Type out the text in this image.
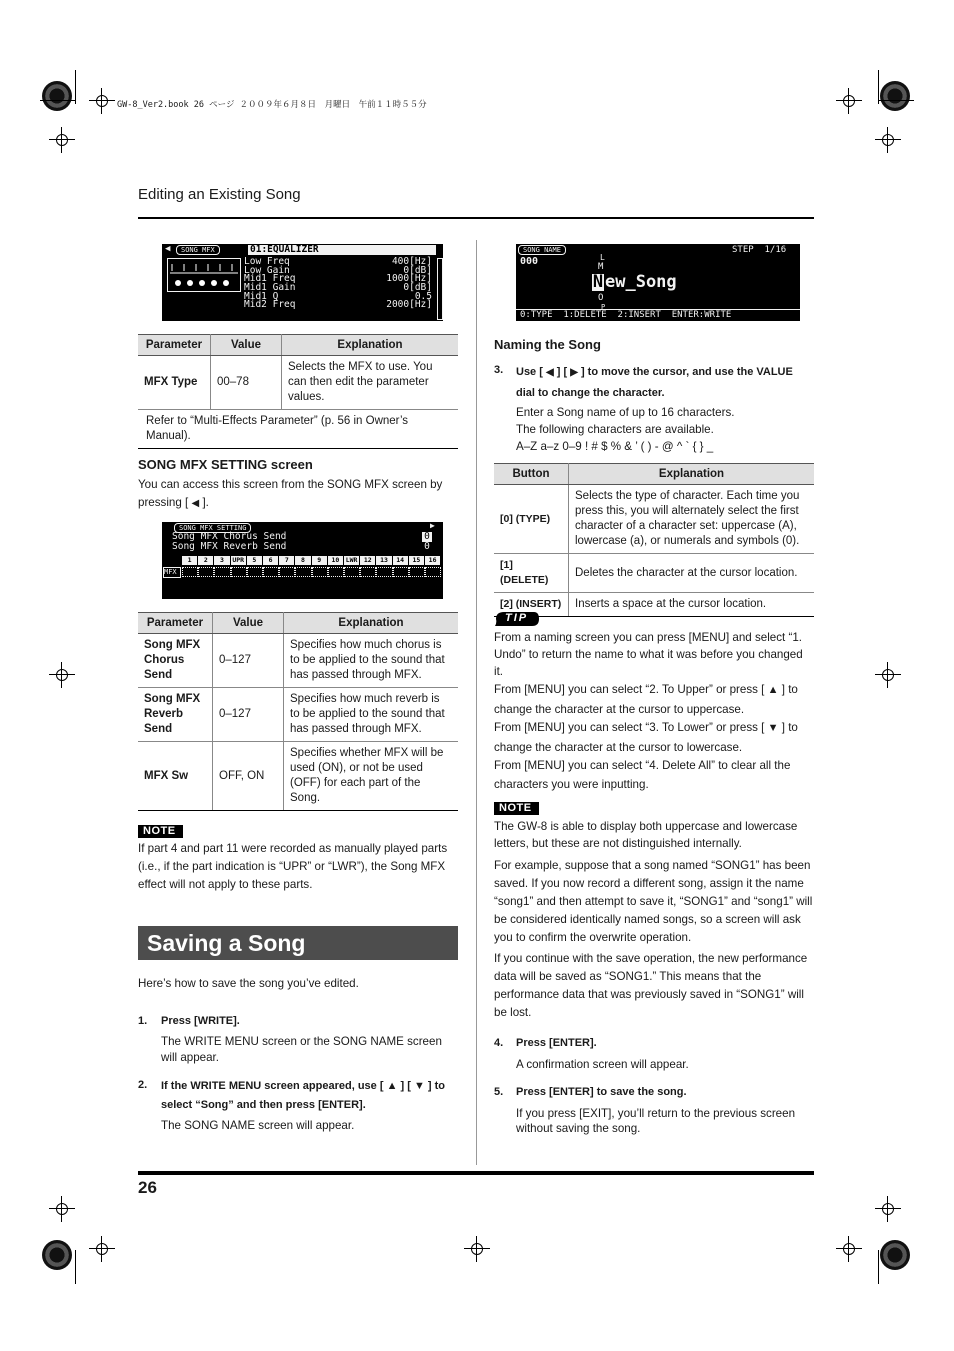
GW-8_Ver2.book 26 ページ ２００９年６月８日　月曜日　午前１１時５５分
Editing an Existing Song
◀	SONG MFX	01:EQUALIZER
Low Freq	400[Hz]
Low Gain	0[dB]
Mid1 Freq	1000[Hz]
Mid1 Gain	0[dB]
Mid1 Q	0.5
Mid2 Freq	2000[Hz]
Parameter	Value	Explanation
MFX Type	00–78	Selects the MFX to use. You can then edit the parameter values.
Refer to “Multi-Effects Parameter” (p. 56 in Owner’s Manual).		
SONG MFX SETTING screen
You can access this screen from the SONG MFX screen by pressing [ ◀ ].
SONG MFX SETTING	▶
Song MFX Chorus Send	0
Song MFX Reverb Send	0
MFX
1	2	3	UPR	5	6	7	8	9	10 LWR 12	13	14	15	16
Parameter	Value	Explanation
Song MFX Chorus Send	0–127	Specifies how much chorus is to be applied to the sound that has passed through MFX.
Song MFX Reverb Send	0–127	Specifies how much reverb is to be applied to the sound that has passed through MFX.
MFX Sw	OFF, ON	Specifies whether MFX will be used (ON), or not be used (OFF) for each part of the Song.
NOTE
If part 4 and part 11 were recorded as manually played parts (i.e., if the part indication is “UPR” or “LWR”), the Song MFX effect will not apply to these parts.
Saving a Song
Here’s how to save the song you’ve edited.
1. Press [WRITE].
The WRITE MENU screen or the SONG NAME screen will appear.
2. If the WRITE MENU screen appeared, use [ ▲ ] [ ▼ ] to select “Song” and then press [ENTER].
The SONG NAME screen will appear.
SONG NAME	STEP  1/16
000	L
M
N ew_Song
O
P
0:TYPE  1:DELETE  2:INSERT  ENTER:WRITE
Naming the Song
3. Use [ ◀ ] [ ▶ ] to move the cursor, and use the VALUE dial to change the character.
Enter a Song name of up to 16 characters.
The following characters are available.
A–Z a–z 0–9 ! # $ % & ’ ( ) - @ ^ ` { } _
Button	Explanation
[0] (TYPE)	Selects the type of character. Each time you press this, you will alternately select the first character of a character set: uppercase (A), lowercase (a), or numerals and symbols (0).
[1] (DELETE)	Deletes the character at the cursor location.
[2] (INSERT)	Inserts a space at the cursor location.
TIP
From a naming screen you can press [MENU] and select “1. Undo” to return the name to what it was before you changed it.
From [MENU] you can select “2. To Upper” or press [ ▲ ] to change the character at the cursor to uppercase.
From [MENU] you can select “3. To Lower” or press [ ▼ ] to change the character at the cursor to lowercase.
From [MENU] you can select “4. Delete All” to clear all the characters you were inputting.
NOTE
The GW-8 is able to display both uppercase and lowercase letters, but these are not distinguished internally.
For example, suppose that a song named “SONG1” has been saved. If you now record a different song, assign it the name “song1” and then attempt to save it, “SONG1” and “song1” will be considered identically named songs, so a screen will ask you to confirm the overwrite operation.
If you continue with the save operation, the new performance data will be saved as “SONG1.” This means that the performance data that was previously saved in “SONG1” will be lost.
4. Press [ENTER].
A confirmation screen will appear.
5. Press [ENTER] to save the song.
If you press [EXIT], you’ll return to the previous screen without saving the song.
26
